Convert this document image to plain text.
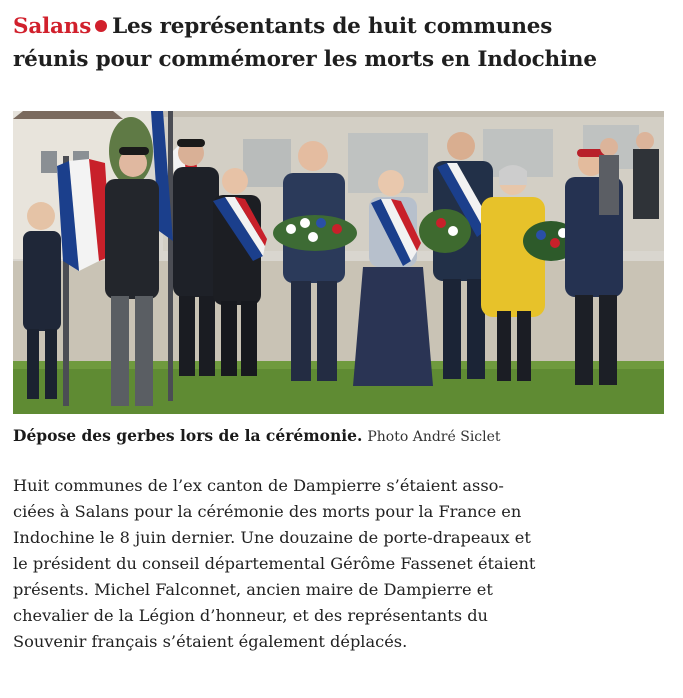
Salans Les représentants de huit communes
réunis pour commémorer les morts en Indochine
Dépose des gerbes lors de la cérémonie. Photo André Siclet
Huit communes de l’ex canton de Dampierre s’étaient asso-
ciées à Salans pour la cérémonie des morts pour la France en
Indochine le 8 juin dernier. Une douzaine de porte-drapeaux et
le président du conseil départemental Gérôme Fassenet étaient
présents. Michel Falconnet, ancien maire de Dampierre et
chevalier de la Légion d’honneur, et des représentants du
Souvenir français s’étaient également déplacés.
